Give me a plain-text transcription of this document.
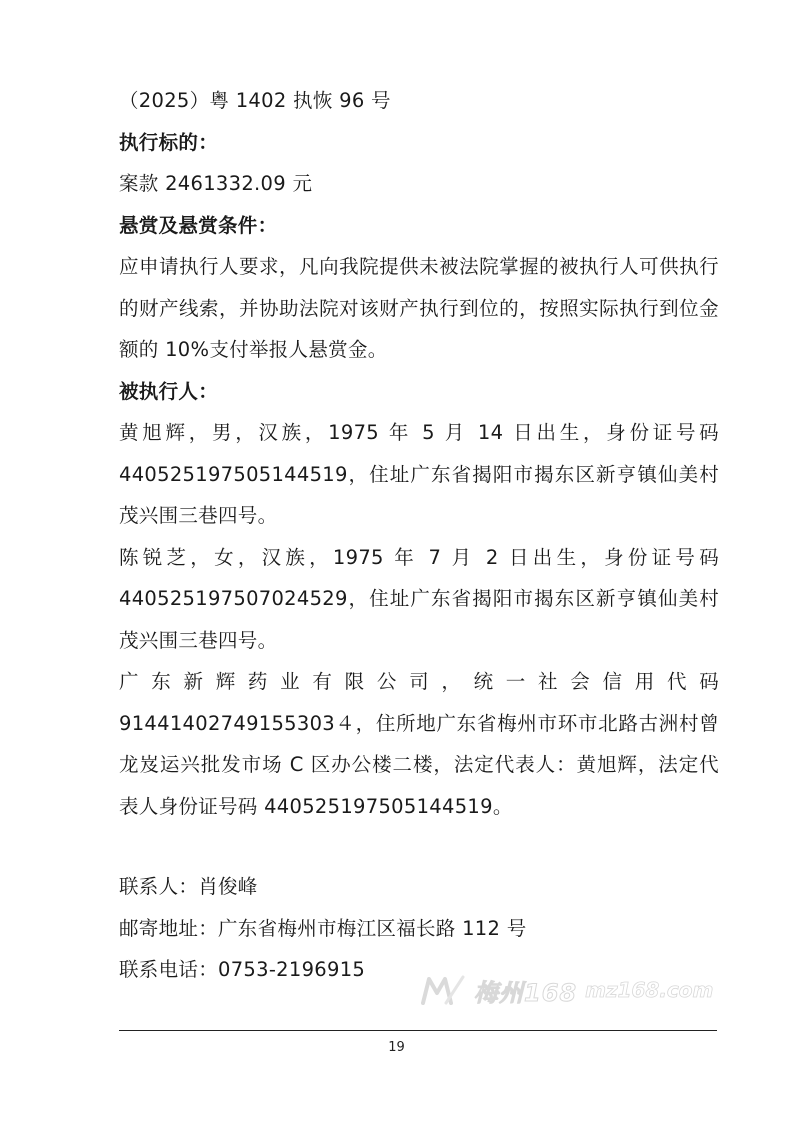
（2025）粤 1402 执恢 96 号
执行标的：
案款 2461332.09 元
悬赏及悬赏条件：
应申请执行人要求，凡向我院提供未被法院掌握的被执行人可供执行的财产线索，并协助法院对该财产执行到位的，按照实际执行到位金额的 10%支付举报人悬赏金。
被执行人：
黄旭辉，男，汉族，1975 年 5 月 14 日出生，身份证号码
440525197505144519，住址广东省揭阳市揭东区新亨镇仙美村茂兴围三巷四号。
陈锐芝，女，汉族，1975 年 7 月 2 日出生，身份证号码
440525197507024529，住址广东省揭阳市揭东区新亨镇仙美村茂兴围三巷四号。
广东新辉药业有限公司，统一社会信用代码
91441402749155303４，住所地广东省梅州市环市北路古洲村曾龙岌运兴批发市场 C 区办公楼二楼，法定代表人：黄旭辉，法定代表人身份证号码 440525197505144519。
联系人：肖俊峰
邮寄地址：广东省梅州市梅江区福长路 112 号
联系电话：0753-2196915
梅州168 mz168.com
19
